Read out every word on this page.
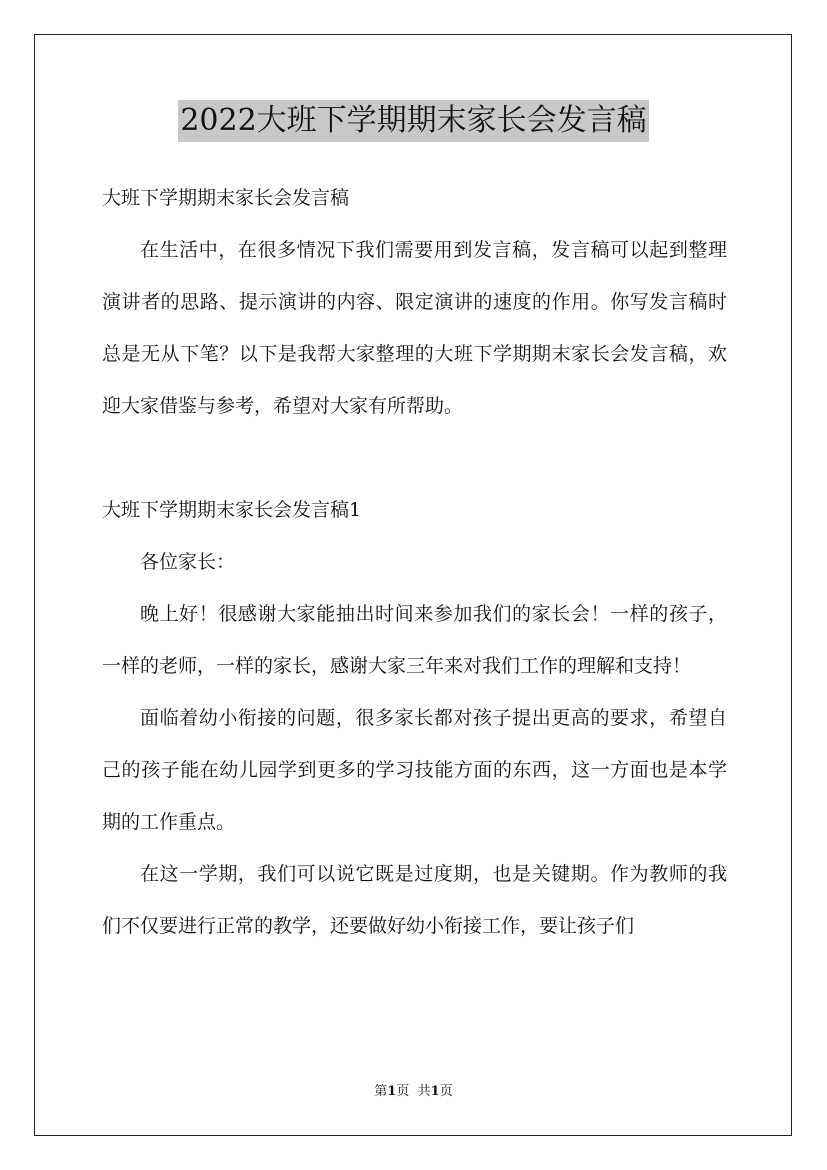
2022大班下学期期末家长会发言稿

大班下学期期末家长会发言稿

在生活中，在很多情况下我们需要用到发言稿，发言稿可以起到整理演讲者的思路、提示演讲的内容、限定演讲的速度的作用。你写发言稿时总是无从下笔？以下是我帮大家整理的大班下学期期末家长会发言稿，欢迎大家借鉴与参考，希望对大家有所帮助。

大班下学期期末家长会发言稿1

各位家长：

晚上好！很感谢大家能抽出时间来参加我们的家长会！一样的孩子，一样的老师，一样的家长，感谢大家三年来对我们工作的理解和支持！

面临着幼小衔接的问题，很多家长都对孩子提出更高的要求，希望自己的孩子能在幼儿园学到更多的学习技能方面的东西，这一方面也是本学期的工作重点。

在这一学期，我们可以说它既是过度期，也是关键期。作为教师的我们不仅要进行正常的教学，还要做好幼小衔接工作，要让孩子们

第1页 共1页
